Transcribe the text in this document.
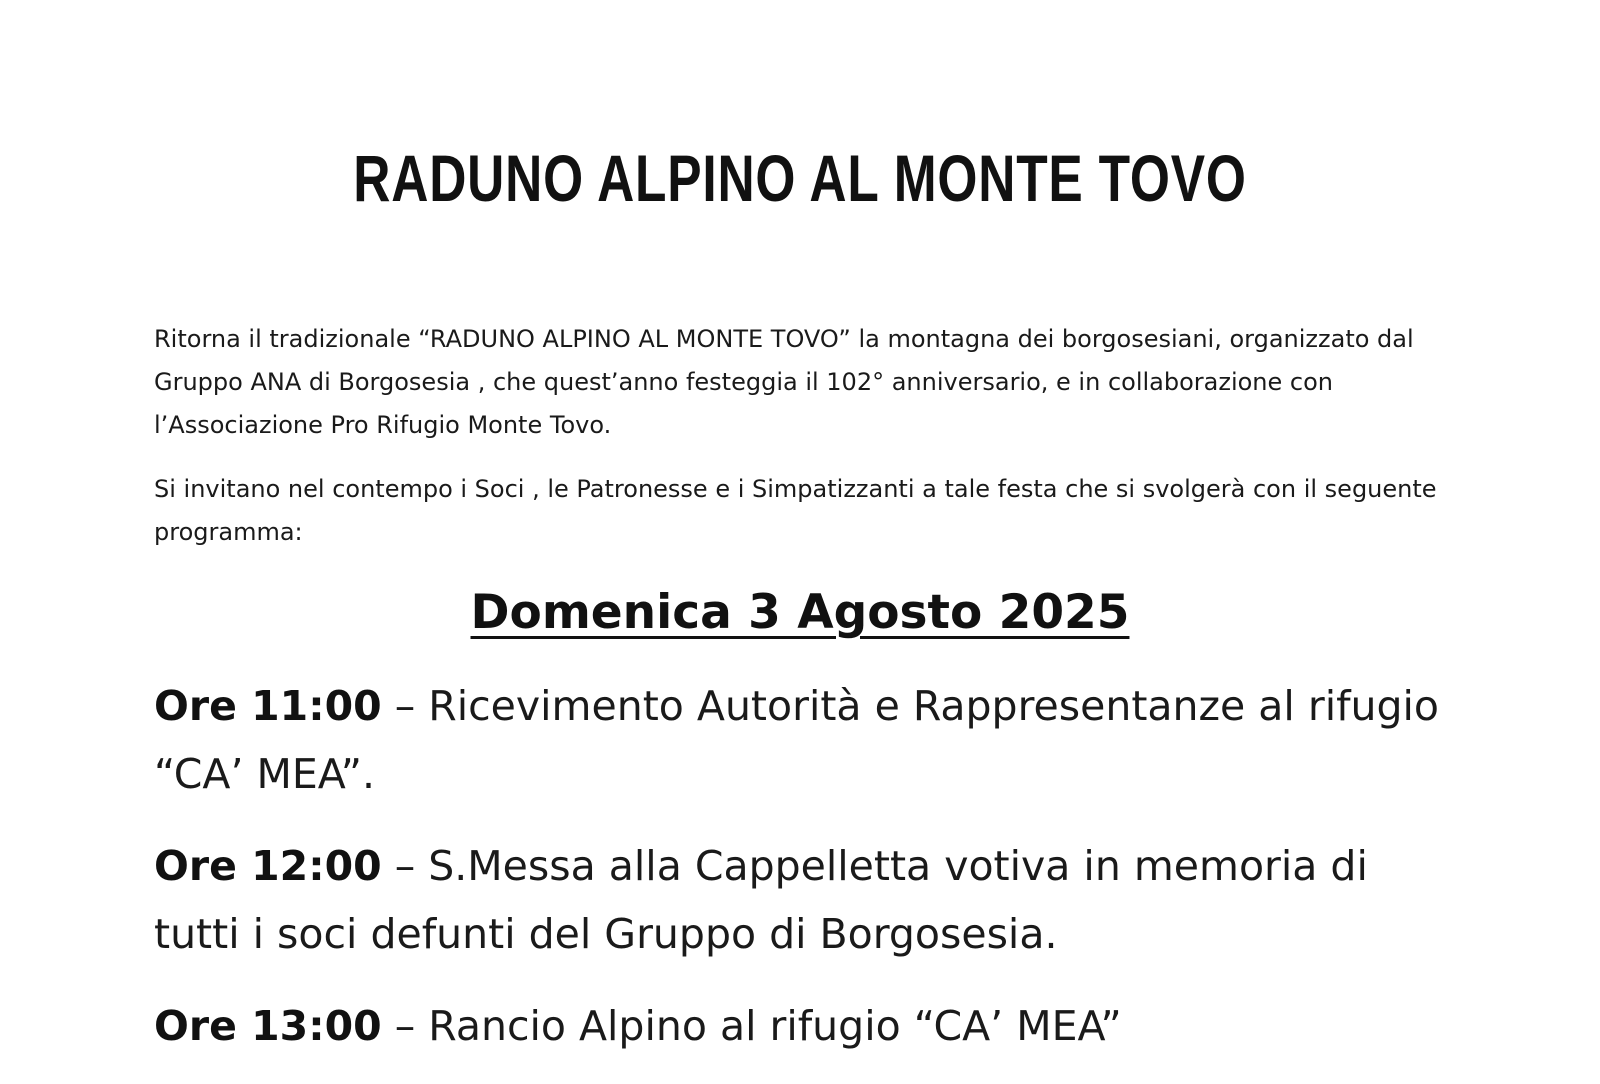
RADUNO ALPINO AL MONTE TOVO

Ritorna il tradizionale “RADUNO ALPINO AL MONTE TOVO” la montagna dei borgosesiani, organizzato dal Gruppo ANA di Borgosesia , che quest’anno festeggia il 102° anniversario, e in collaborazione con l’Associazione Pro Rifugio Monte Tovo.

Si invitano nel contempo i Soci , le Patronesse e i Simpatizzanti a tale festa che si svolgerà con il seguente programma:

Domenica 3 Agosto 2025
Ore 11:00 – Ricevimento Autorità e Rappresentanze al rifugio “CA’ MEA”.
Ore 12:00 – S.Messa alla Cappelletta votiva in memoria di tutti i soci defunti del Gruppo di Borgosesia.
Ore 13:00 – Rancio Alpino al rifugio “CA’ MEA”
